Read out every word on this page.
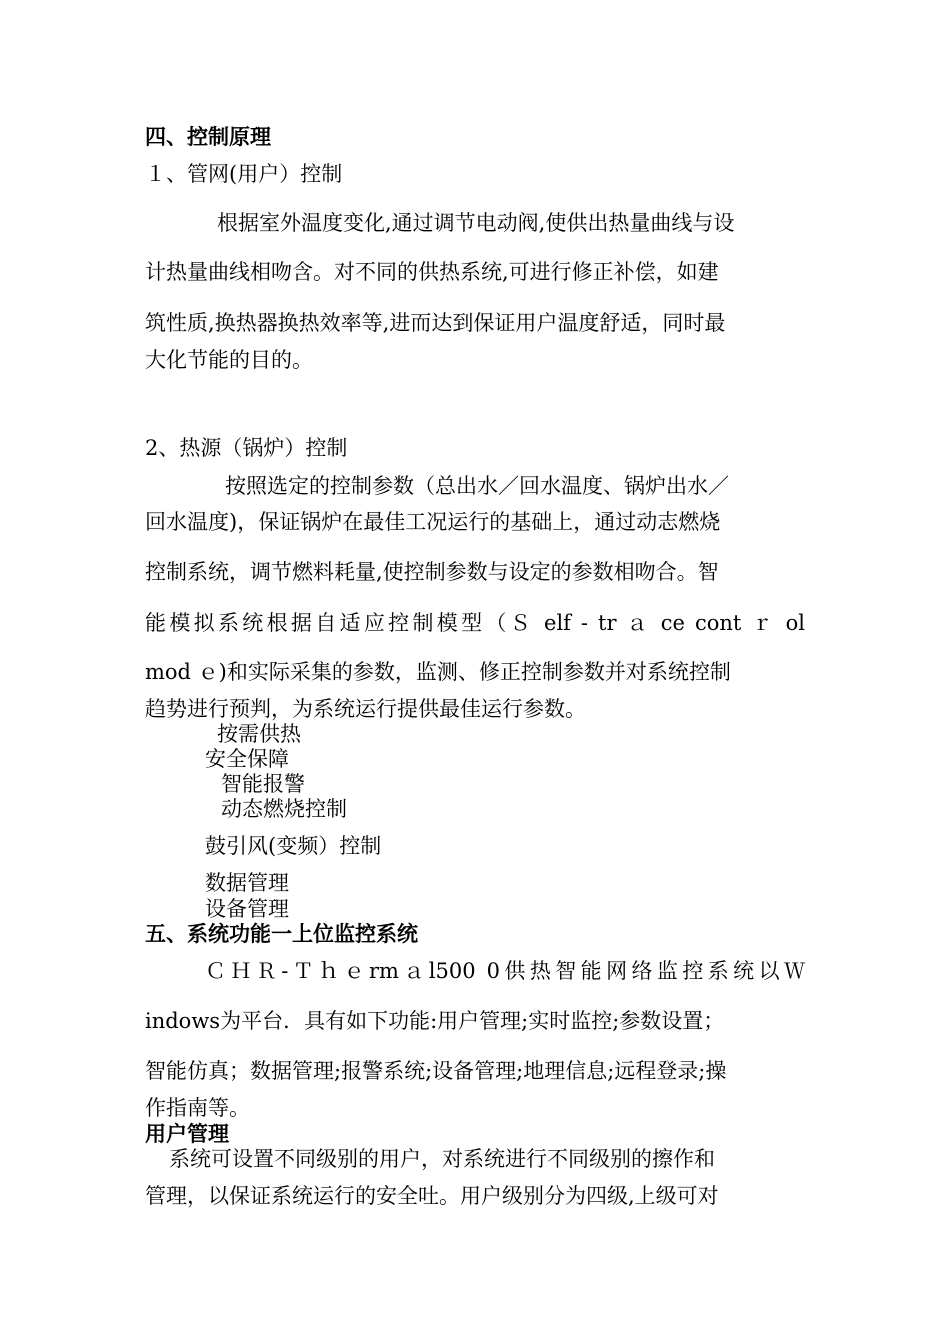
四、控制原理
１、管网(用户）控制
根据室外温度变化,通过调节电动阀,使供出热量曲线与设
计热量曲线相吻含。对不同的供热系统,可进行修正补偿，如建
筑性质,换热器换热效率等,进而达到保证用户温度舒适，同时最
大化节能的目的。
2、热源（锅炉）控制
按照选定的控制参数（总出水／回水温度、锅炉出水／
回水温度)，保证锅炉在最佳工况运行的基础上，通过动志燃烧
控制系统，调节燃料耗量,使控制参数与设定的参数相吻合。智
能模拟系统根据自适应控制模型（Ｓ elf - tr ａ ce cont ｒ ol
mod ｅ)和实际采集的参数，监测、修正控制参数并对系统控制
趋势进行预判，为系统运行提供最佳运行参数。
按需供热
安全保障
智能报警
动态燃烧控制
鼓引风(变频）控制
数据管理
设备管理
五、系统功能一上位监控系统
ＣＨＲ-Ｔｈｅrmａl500 0供热智能网络监控系统以Ｗ
indows为平台．具有如下功能:用户管理;实时监控;参数设置；
智能仿真；数据管理;报警系统;设备管理;地理信息;远程登录;操
作指南等。
用户管理
系统可设置不同级别的用户，对系统进行不同级别的擦作和
管理，以保证系统运行的安全吐。用户级别分为四级,上级可对
